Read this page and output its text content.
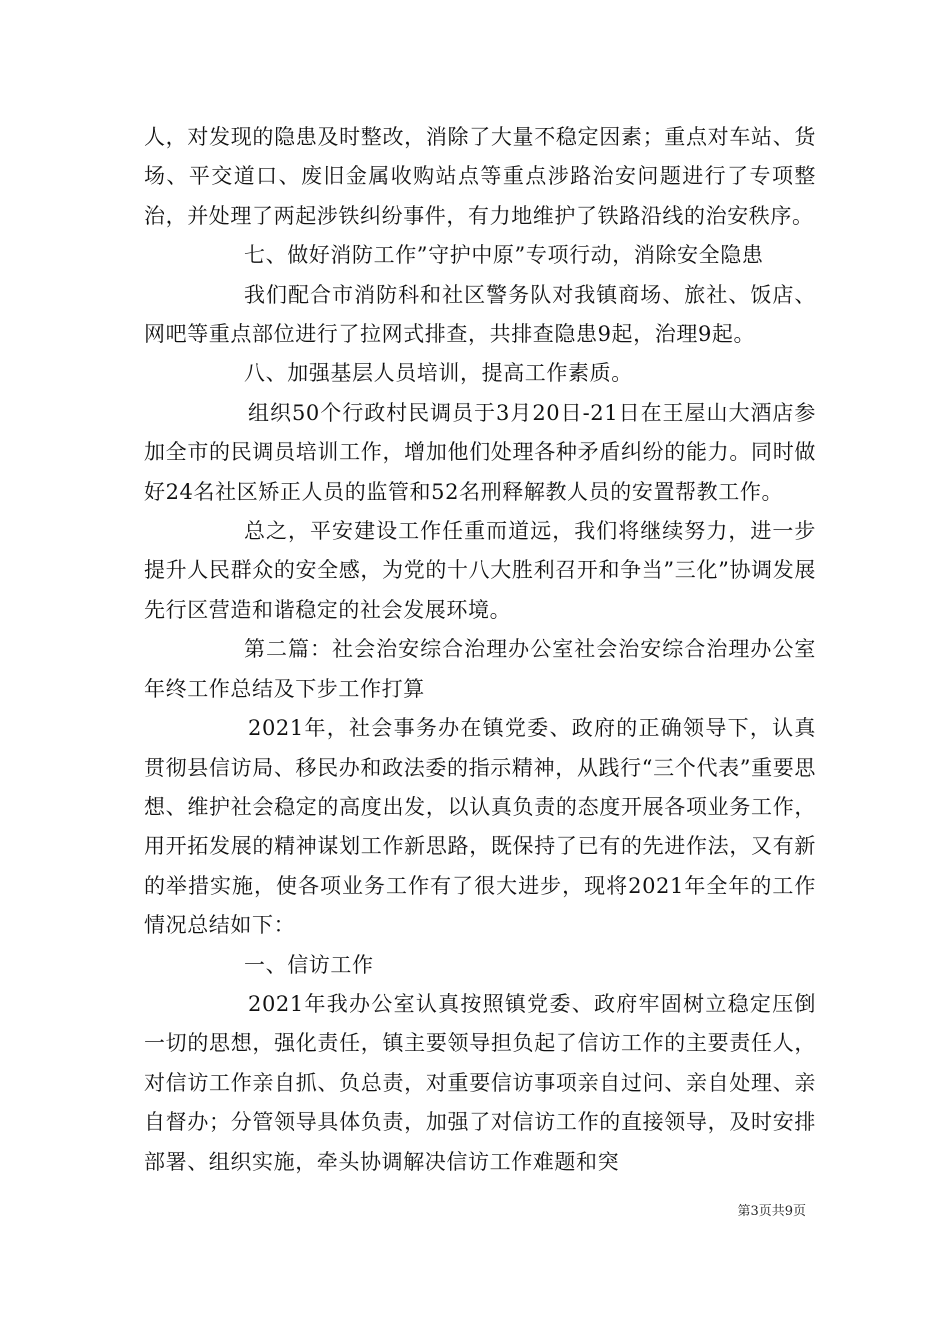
人，对发现的隐患及时整改，消除了大量不稳定因素；重点对车站、货场、平交道口、废旧金属收购站点等重点涉路治安问题进行了专项整治，并处理了两起涉铁纠纷事件，有力地维护了铁路沿线的治安秩序。

七、做好消防工作”守护中原”专项行动，消除安全隐患

我们配合市消防科和社区警务队对我镇商场、旅社、饭店、网吧等重点部位进行了拉网式排查，共排查隐患9起，治理9起。

八、加强基层人员培训，提高工作素质。

组织50个行政村民调员于3月20日-21日在王屋山大酒店参加全市的民调员培训工作，增加他们处理各种矛盾纠纷的能力。同时做好24名社区矫正人员的监管和52名刑释解教人员的安置帮教工作。

总之，平安建设工作任重而道远，我们将继续努力，进一步提升人民群众的安全感，为党的十八大胜利召开和争当”三化”协调发展先行区营造和谐稳定的社会发展环境。

第二篇：社会治安综合治理办公室社会治安综合治理办公室年终工作总结及下步工作打算

2021年，社会事务办在镇党委、政府的正确领导下，认真贯彻县信访局、移民办和政法委的指示精神，从践行“三个代表”重要思想、维护社会稳定的高度出发，以认真负责的态度开展各项业务工作，用开拓发展的精神谋划工作新思路，既保持了已有的先进作法，又有新的举措实施，使各项业务工作有了很大进步，现将2021年全年的工作情况总结如下：

一、信访工作

2021年我办公室认真按照镇党委、政府牢固树立稳定压倒一切的思想，强化责任，镇主要领导担负起了信访工作的主要责任人，对信访工作亲自抓、负总责，对重要信访事项亲自过问、亲自处理、亲自督办；分管领导具体负责，加强了对信访工作的直接领导，及时安排部署、组织实施，牵头协调解决信访工作难题和突

第3页共9页
